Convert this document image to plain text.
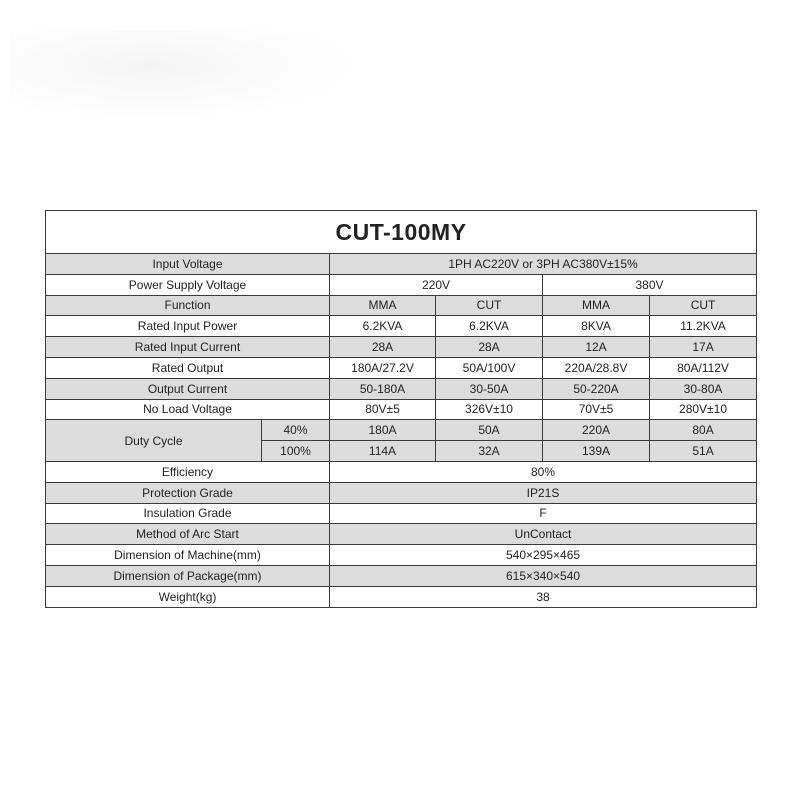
CUT-100MY					
Input Voltage		1PH AC220V or 3PH AC380V±15%			
Power Supply Voltage		220V		380V	
Function		MMA	CUT	MMA	CUT
Rated Input Power		6.2KVA	6.2KVA	8KVA	11.2KVA
Rated Input Current		28A	28A	12A	17A
Rated Output		180A/27.2V	50A/100V	220A/28.8V	80A/112V
Output Current		50-180A	30-50A	50-220A	30-80A
No Load Voltage		80V±5	326V±10	70V±5	280V±10
Duty Cycle	40%	180A	50A	220A	80A
	100%	114A	32A	139A	51A
Efficiency		80%			
Protection Grade		IP21S			
Insulation Grade		F			
Method of Arc Start		UnContact			
Dimension of Machine(mm)		540×295×465			
Dimension of Package(mm)		615×340×540			
Weight(kg)		38			
